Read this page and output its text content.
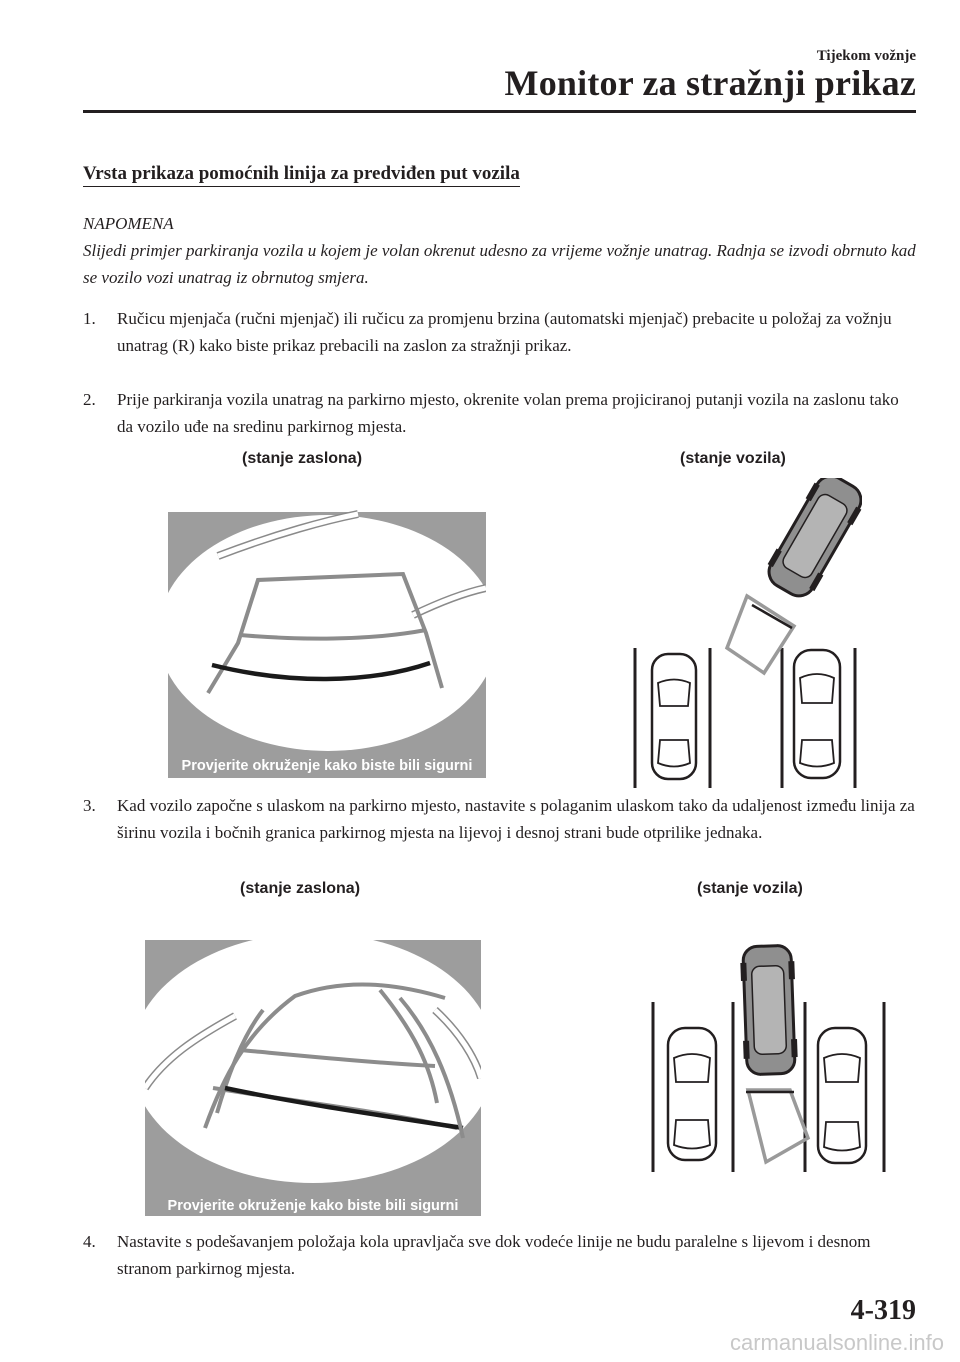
Tijekom vožnje
Monitor za stražnji prikaz
Vrsta prikaza pomoćnih linija za predviđen put vozila
NAPOMENA
Slijedi primjer parkiranja vozila u kojem je volan okrenut udesno za vrijeme vožnje unatrag. Radnja se izvodi obrnuto kad se vozilo vozi unatrag iz obrnutog smjera.
1. Ručicu mjenjača (ručni mjenjač) ili ručicu za promjenu brzina (automatski mjenjač) prebacite u položaj za vožnju unatrag (R) kako biste prikaz prebacili na zaslon za stražnji prikaz.
2. Prije parkiranja vozila unatrag na parkirno mjesto, okrenite volan prema projiciranoj putanji vozila na zaslonu tako da vozilo uđe na sredinu parkirnog mjesta.
(stanje zaslona)	(stanje vozila)
Provjerite okruženje kako biste bili sigurni
3. Kad vozilo započne s ulaskom na parkirno mjesto, nastavite s polaganim ulaskom tako da udaljenost između linija za širinu vozila i bočnih granica parkirnog mjesta na lijevoj i desnoj strani bude otprilike jednaka.
(stanje zaslona)	(stanje vozila)
Provjerite okruženje kako biste bili sigurni
4. Nastavite s podešavanjem položaja kola upravljača sve dok vodeće linije ne budu paralelne s lijevom i desnom stranom parkirnog mjesta.
4-319
carmanualsonline.info
